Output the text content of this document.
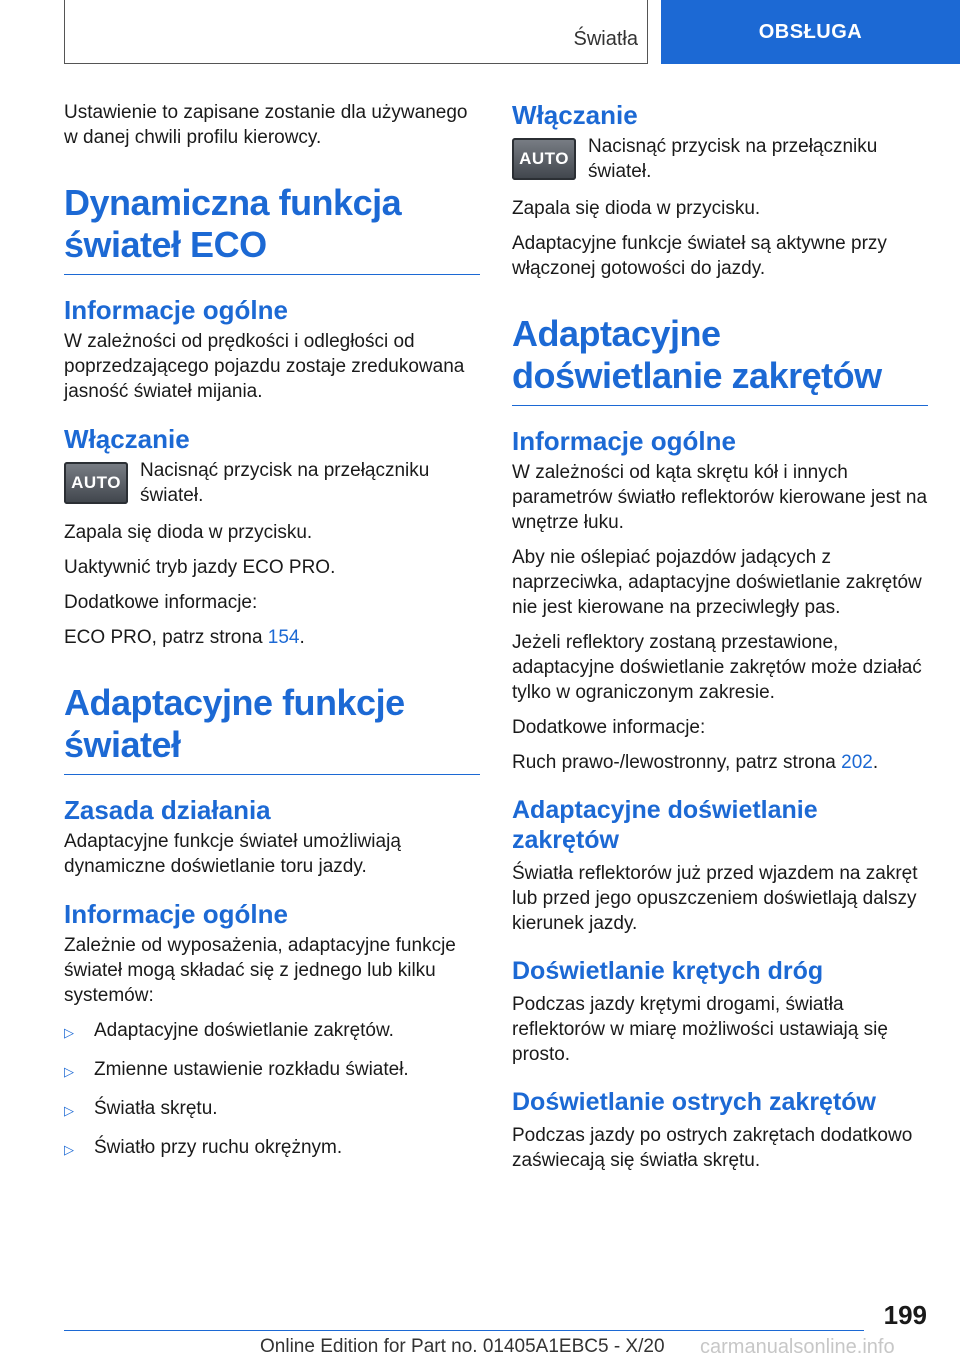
Światła	OBSŁUGA

Ustawienie to zapisane zostanie dla używanego w danej chwili profilu kierowcy.

Dynamiczna funkcja świateł ECO
Informacje ogólne

W zależności od prędkości i odległości od poprzedzającego pojazdu zostaje zredukowana jasność świateł mijania.

Włączanie
AUTO

Nacisnąć przycisk na przełączniku świateł.

Zapala się dioda w przycisku.

Uaktywnić tryb jazdy ECO PRO.

Dodatkowe informacje:

ECO PRO, patrz strona 154.

Adaptacyjne funkcje świateł
Zasada działania

Adaptacyjne funkcje świateł umożliwiają dynamiczne doświetlanie toru jazdy.

Informacje ogólne

Zależnie od wyposażenia, adaptacyjne funkcje świateł mogą składać się z jednego lub kilku systemów:

▷	Adaptacyjne doświetlanie zakrętów.
▷	Zmienne ustawienie rozkładu świateł.
▷	Światła skrętu.
▷	Światło przy ruchu okrężnym.
Włączanie
AUTO

Nacisnąć przycisk na przełączniku świateł.

Zapala się dioda w przycisku.

Adaptacyjne funkcje świateł są aktywne przy włączonej gotowości do jazdy.

Adaptacyjne doświetlanie zakrętów
Informacje ogólne

W zależności od kąta skrętu kół i innych parametrów światło reflektorów kierowane jest na wnętrze łuku.

Aby nie oślepiać pojazdów jadących z naprzeciwka, adaptacyjne doświetlanie zakrętów nie jest kierowane na przeciwległy pas.

Jeżeli reflektory zostaną przestawione, adaptacyjne doświetlanie zakrętów może działać tylko w ograniczonym zakresie.

Dodatkowe informacje:

Ruch prawo-/lewostronny, patrz strona 202.

Adaptacyjne doświetlanie zakrętów

Światła reflektorów już przed wjazdem na zakręt lub przed jego opuszczeniem doświetlają dalszy kierunek jazdy.

Doświetlanie krętych dróg

Podczas jazdy krętymi drogami, światła reflektorów w miarę możliwości ustawiają się prosto.

Doświetlanie ostrych zakrętów

Podczas jazdy po ostrych zakrętach dodatkowo zaświecają się światła skrętu.

199
Online Edition for Part no. 01405A1EBC5 - X/20 carmanualsonline.info
